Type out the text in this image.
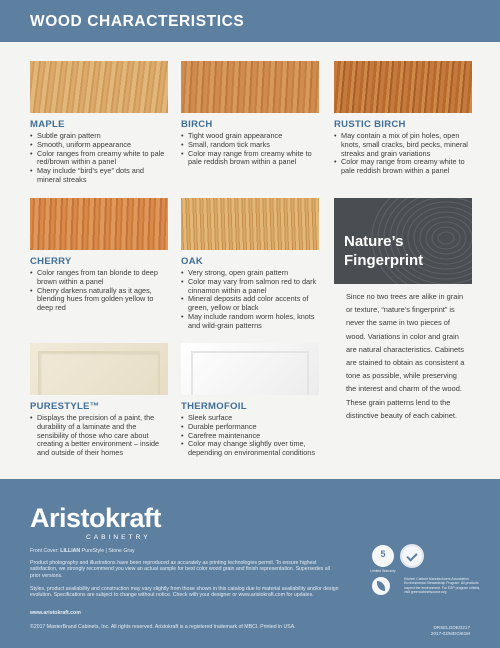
WOOD CHARACTERISTICS
MAPLE
• Subtle grain pattern
• Smooth, uniform appearance
• Color ranges from creamy white to pale red/brown within a panel
• May include “bird’s eye” dots and mineral streaks
BIRCH
• Tight wood grain appearance
• Small, random tick marks
• Color may range from creamy white to pale reddish brown within a panel
RUSTIC BIRCH
• May contain a mix of pin holes, open knots, small cracks, bird pecks, mineral streaks and grain variations
• Color may range from creamy white to pale reddish brown within a panel
CHERRY
• Color ranges from tan blonde to deep brown within a panel
• Cherry darkens naturally as it ages, blending hues from golden yellow to deep red
OAK
• Very strong, open grain pattern
• Color may vary from salmon red to dark cinnamon within a panel
• Mineral deposits add color accents of green, yellow or black
• May include random worm holes, knots and wild-grain patterns
Nature’s
Fingerprint

Since no two trees are alike in grain or texture, “nature’s fingerprint” is never the same in two pieces of wood. Variations in color and grain are natural characteristics. Cabinets are stained to obtain as consistent a tone as possible, while preserving the interest and charm of the wood. These grain patterns lend to the distinctive beauty of each cabinet.

PURESTYLE™
• Displays the precision of a paint, the durability of a laminate and the sensibility of those who care about creating a better environment – inside and outside of their homes
THERMOFOIL
• Sleek surface
• Durable performance
• Carefree maintenance
• Color may change slightly over time, depending on environmental conditions
Aristokraft
CABINETRY
Front Cover: LILLIAN PureStyle | Stone Gray
Product photography and illustrations have been reproduced as accurately as printing technologies permit. To ensure highest satisfaction, we strongly recommend you view an actual sample for best color wood grain and finish representation. Supersedes all prior versions.
Styles, product availability and construction may vary slightly from those shown in this catalog due to material availability and/or design evolution. Specifications are subject to change without notice. Check with your designer or www.aristokraft.com for updates.
www.aristokraft.com
©2017 MasterBrand Cabinets, Inc. All rights reserved. Aristokraft is a registered trademark of MBCI. Printed in USA.
5
Limited Warranty
Kitchen Cabinet Manufacturers Association Environmental Stewardship Program. All products inspect the environment. For ESP program criteria, visit greencabinetsource.org
DRSELGDEO217
2017-02/MDG/81M
